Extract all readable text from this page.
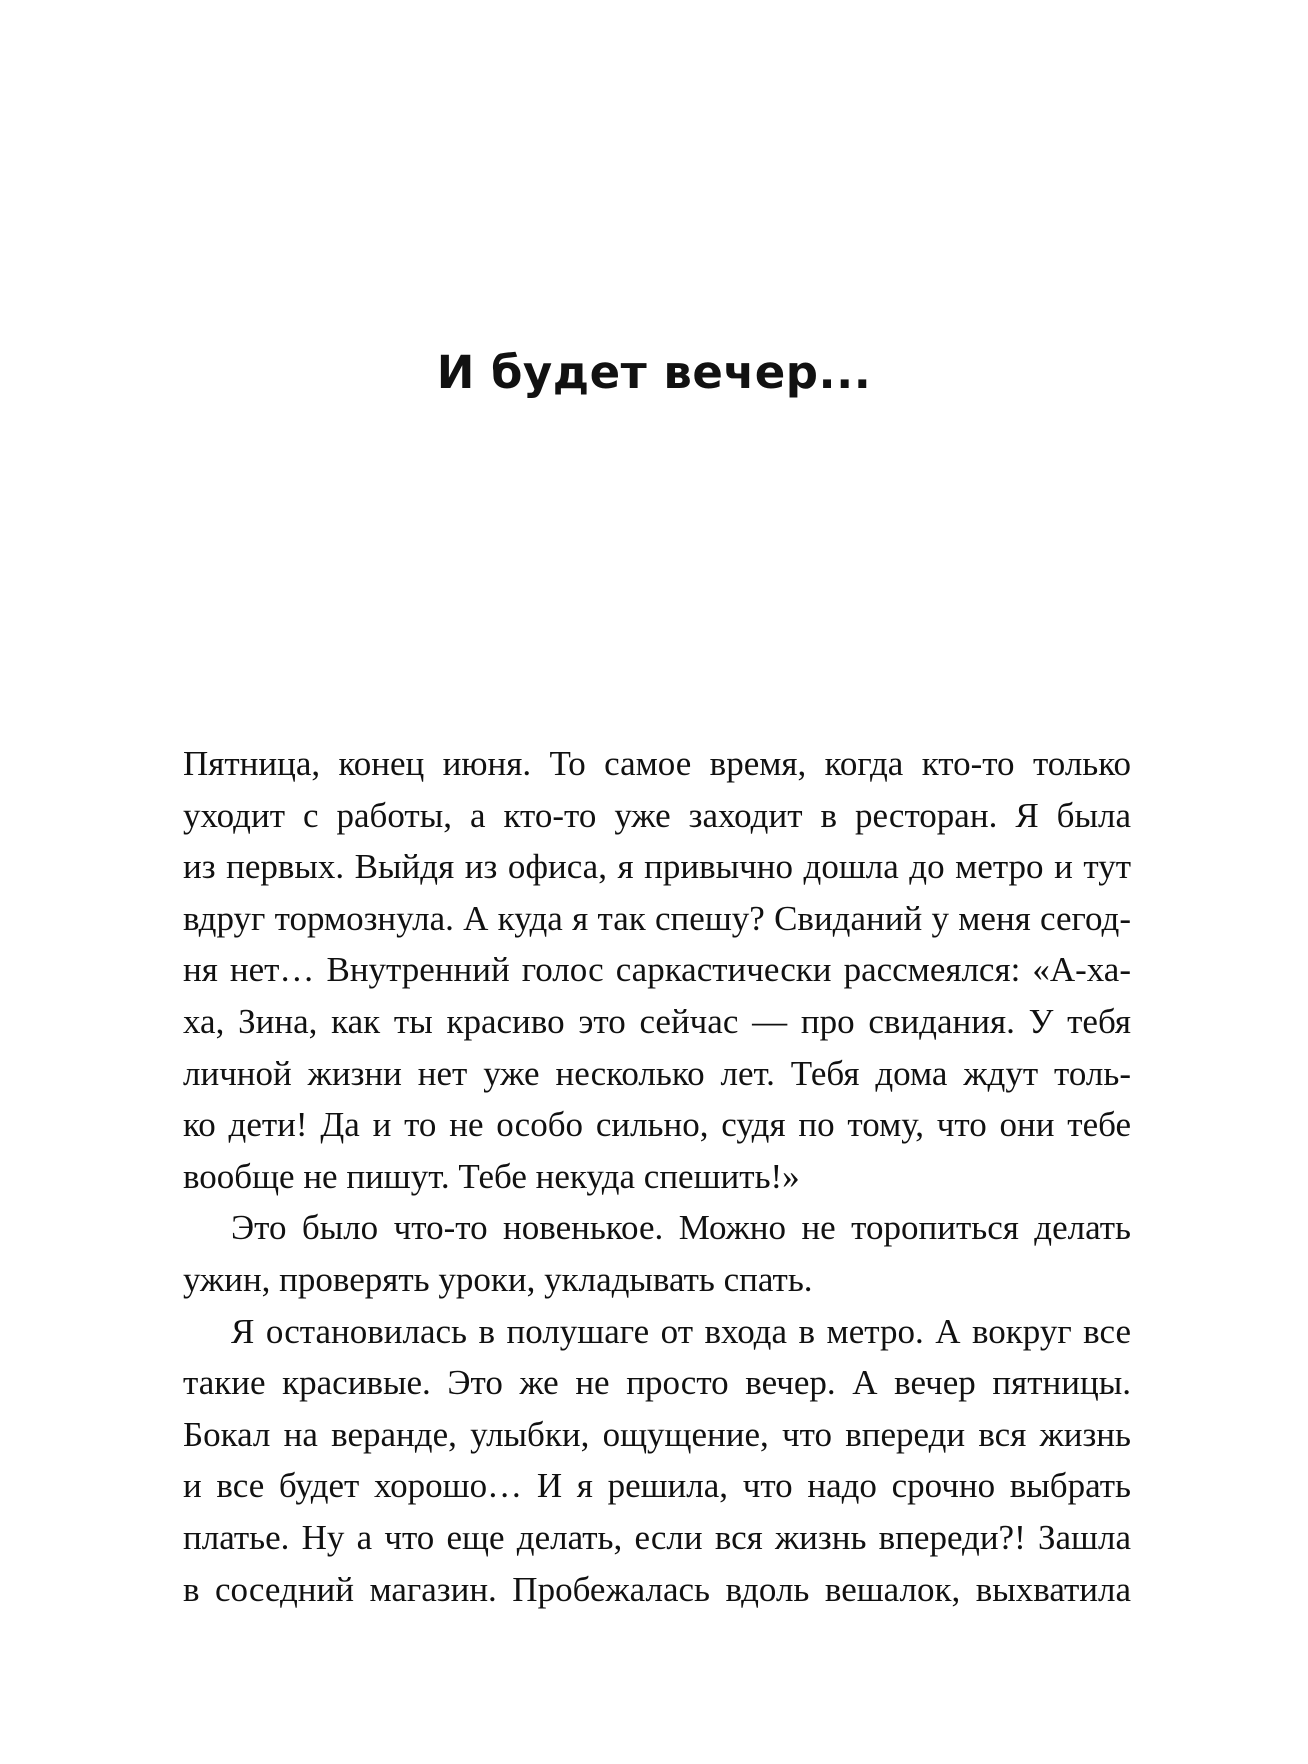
И будет вечер...
Пятница, конец июня. То самое время, когда кто-то только
уходит с работы, а кто-то уже заходит в ресторан. Я была
из первых. Выйдя из офиса, я привычно дошла до метро и тут
вдруг тормознула. А куда я так спешу? Свиданий у меня сегод-
ня нет… Внутренний голос саркастически рассмеялся: «А-ха-
ха, Зина, как ты красиво это сейчас — про свидания. У тебя
личной жизни нет уже несколько лет. Тебя дома ждут толь-
ко дети! Да и то не особо сильно, судя по тому, что они тебе
вообще не пишут. Тебе некуда спешить!»
Это было что-то новенькое. Можно не торопиться делать
ужин, проверять уроки, укладывать спать.
Я остановилась в полушаге от входа в метро. А вокруг все
такие красивые. Это же не просто вечер. А вечер пятницы.
Бокал на веранде, улыбки, ощущение, что впереди вся жизнь
и все будет хорошо… И я решила, что надо срочно выбрать
платье. Ну а что еще делать, если вся жизнь впереди?! Зашла
в соседний магазин. Пробежалась вдоль вешалок, выхватила
